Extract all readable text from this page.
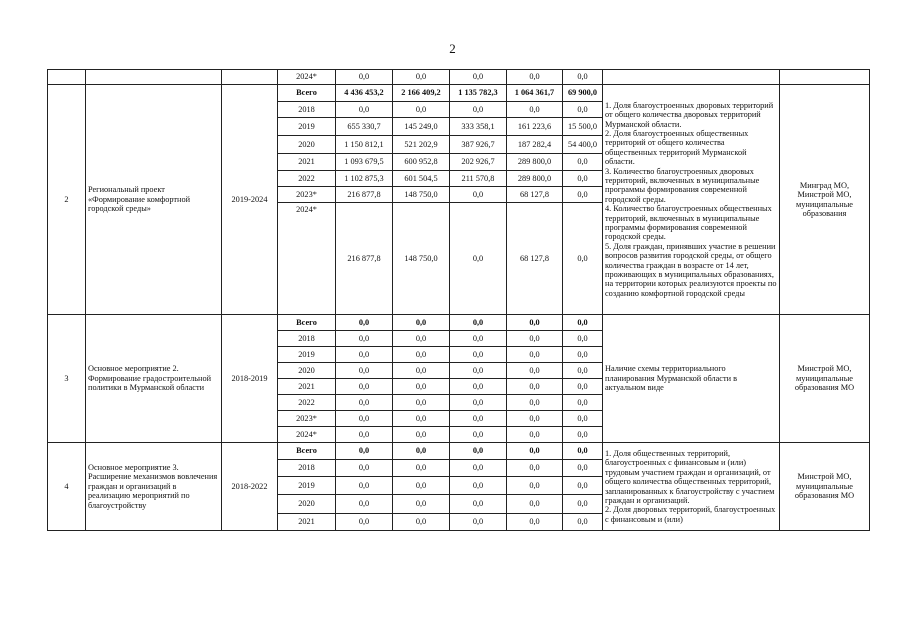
2
			2024*	0,0	0,0	0,0	0,0	0,0		
2	Региональный проект «Формирование комфортной городской среды»	2019-2024	Всего	4 436 453,2	2 166 409,2	1 135 782,3	1 064 361,7	69 900,0	1. Доля благоустроенных дворовых территорий от общего количества дворовых территорий Мурманской области.
2. Доля благоустроенных общественных территорий от общего количества общественных территорий Мурманской области.
3. Количество благоустроенных дворовых территорий, включенных в муниципальные программы формирования современной городской среды.
4. Количество благоустроенных общественных территорий, включенных в муниципальные программы формирования современной городской среды.
5. Доля граждан, принявших участие в решении вопросов развития городской среды, от общего количества граждан в возрасте от 14 лет, проживающих в муниципальных образованиях, на территории которых реализуются проекты по созданию комфортной городской среды	Минград МО, Минстрой МО, муниципальные образования
			2018	0,0	0,0	0,0	0,0	0,0		
			2019	655 330,7	145 249,0	333 358,1	161 223,6	15 500,0		
			2020	1 150 812,1	521 202,9	387 926,7	187 282,4	54 400,0		
			2021	1 093 679,5	600 952,8	202 926,7	289 800,0	0,0		
			2022	1 102 875,3	601 504,5	211 570,8	289 800,0	0,0		
			2023*	216 877,8	148 750,0	0,0	68 127,8	0,0		
			2024*	216 877,8	148 750,0	0,0	68 127,8	0,0		
3	Основное мероприятие 2. Формирование градостроительной политики в Мурманской области	2018-2019	Всего	0,0	0,0	0,0	0,0	0,0	Наличие схемы территориального планирования Мурманской области в актуальном виде	Минстрой МО, муниципальные образования МО
			2018	0,0	0,0	0,0	0,0	0,0		
			2019	0,0	0,0	0,0	0,0	0,0		
			2020	0,0	0,0	0,0	0,0	0,0		
			2021	0,0	0,0	0,0	0,0	0,0		
			2022	0,0	0,0	0,0	0,0	0,0		
			2023*	0,0	0,0	0,0	0,0	0,0		
			2024*	0,0	0,0	0,0	0,0	0,0		
4	Основное мероприятие 3. Расширение механизмов вовлечения граждан и организаций в реализацию мероприятий по благоустройству	2018-2022	Всего	0,0	0,0	0,0	0,0	0,0	1. Доля общественных территорий, благоустроенных с финансовым и (или) трудовым участием граждан и организаций, от общего количества общественных территорий, запланированных к благоустройству с участием граждан и организаций.
2. Доля дворовых территорий, благоустроенных с финансовым и (или)	Минстрой МО, муниципальные образования МО
			2018	0,0	0,0	0,0	0,0	0,0		
			2019	0,0	0,0	0,0	0,0	0,0		
			2020	0,0	0,0	0,0	0,0	0,0		
			2021	0,0	0,0	0,0	0,0	0,0		
